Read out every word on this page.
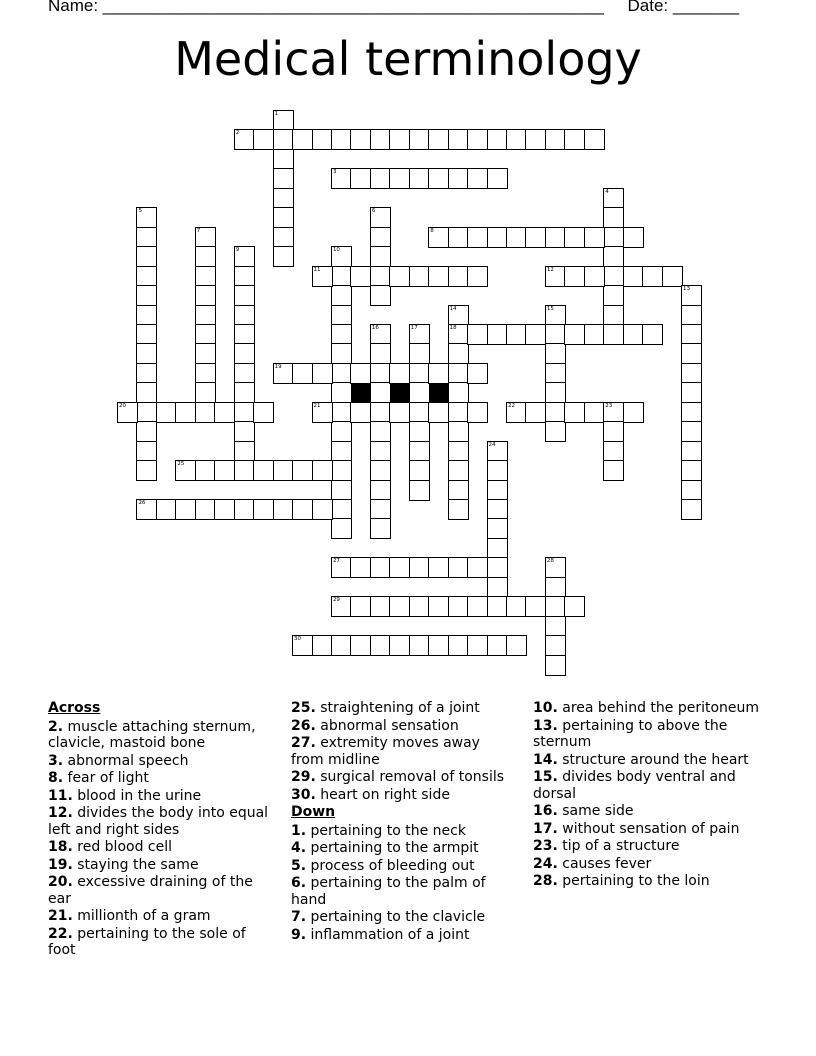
Name: _____________________________________________________     Date: _______
Medical terminology
1
2
3
4
5	6
7	8
9	10
11	12
13
14
18
15
16	17
19
20	21	22	23
24
25
26
27	28
29
30
Across
2. muscle attaching sternum, clavicle, mastoid bone
3. abnormal speech
8. fear of light
11. blood in the urine
12. divides the body into equal left and right sides
18. red blood cell
19. staying the same
20. excessive draining of the ear
21. millionth of a gram
22. pertaining to the sole of foot
25. straightening of a joint
26. abnormal sensation
27. extremity moves away from midline
29. surgical removal of tonsils
30. heart on right side
Down
1. pertaining to the neck
4. pertaining to the armpit
5. process of bleeding out
6. pertaining to the palm of hand
7. pertaining to the clavicle
9. inflammation of a joint
10. area behind the peritoneum
13. pertaining to above the sternum
14. structure around the heart
15. divides body ventral and dorsal
16. same side
17. without sensation of pain
23. tip of a structure
24. causes fever
28. pertaining to the loin
